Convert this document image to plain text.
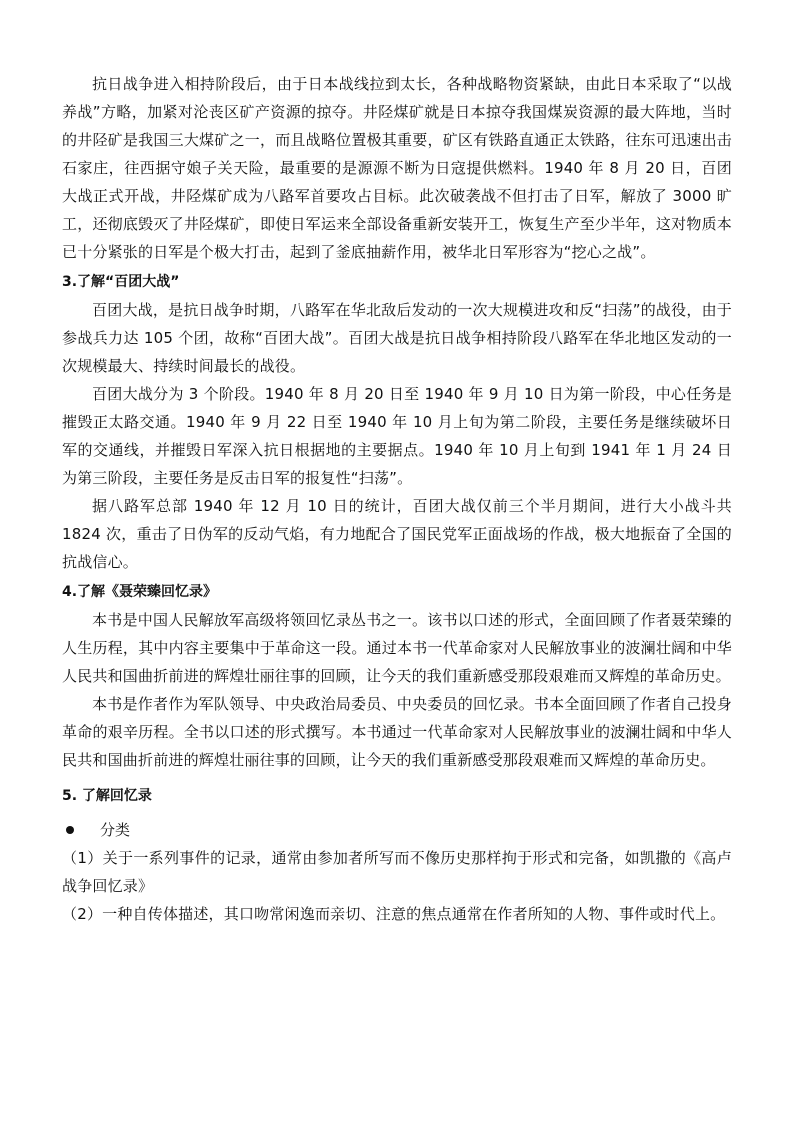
抗日战争进入相持阶段后，由于日本战线拉到太长，各种战略物资紧缺，由此日本采取了“以战养战”方略，加紧对沦丧区矿产资源的掠夺。井陉煤矿就是日本掠夺我国煤炭资源的最大阵地，当时的井陉矿是我国三大煤矿之一，而且战略位置极其重要，矿区有铁路直通正太铁路，往东可迅速出击石家庄，往西据守娘子关天险，最重要的是源源不断为日寇提供燃料。1940 年 8 月 20 日，百团大战正式开战，井陉煤矿成为八路军首要攻占目标。此次破袭战不但打击了日军，解放了 3000 旷工，还彻底毁灭了井陉煤矿，即使日军运来全部设备重新安装开工，恢复生产至少半年，这对物质本已十分紧张的日军是个极大打击，起到了釜底抽薪作用，被华北日军形容为“挖心之战”。

3.了解“百团大战”

百团大战，是抗日战争时期，八路军在华北敌后发动的一次大规模进攻和反“扫荡”的战役，由于参战兵力达 105 个团，故称“百团大战”。百团大战是抗日战争相持阶段八路军在华北地区发动的一次规模最大、持续时间最长的战役。

百团大战分为 3 个阶段。1940 年 8 月 20 日至 1940 年 9 月 10 日为第一阶段，中心任务是摧毁正太路交通。1940 年 9 月 22 日至 1940 年 10 月上旬为第二阶段，主要任务是继续破坏日军的交通线，并摧毁日军深入抗日根据地的主要据点。1940 年 10 月上旬到 1941 年 1 月 24 日为第三阶段，主要任务是反击日军的报复性“扫荡”。

据八路军总部 1940 年 12 月 10 日的统计，百团大战仅前三个半月期间，进行大小战斗共 1824 次，重击了日伪军的反动气焰，有力地配合了国民党军正面战场的作战，极大地振奋了全国的抗战信心。

4.了解《聂荣臻回忆录》

本书是中国人民解放军高级将领回忆录丛书之一。该书以口述的形式，全面回顾了作者聂荣臻的人生历程，其中内容主要集中于革命这一段。通过本书一代革命家对人民解放事业的波澜壮阔和中华人民共和国曲折前进的辉煌壮丽往事的回顾，让今天的我们重新感受那段艰难而又辉煌的革命历史。

本书是作者作为军队领导、中央政治局委员、中央委员的回忆录。书本全面回顾了作者自己投身革命的艰辛历程。全书以口述的形式撰写。本书通过一代革命家对人民解放事业的波澜壮阔和中华人民共和国曲折前进的辉煌壮丽往事的回顾，让今天的我们重新感受那段艰难而又辉煌的革命历史。

5. 了解回忆录
分类

（1）关于一系列事件的记录，通常由参加者所写而不像历史那样拘于形式和完备，如凯撒的《高卢战争回忆录》

（2）一种自传体描述，其口吻常闲逸而亲切、注意的焦点通常在作者所知的人物、事件或时代上。
